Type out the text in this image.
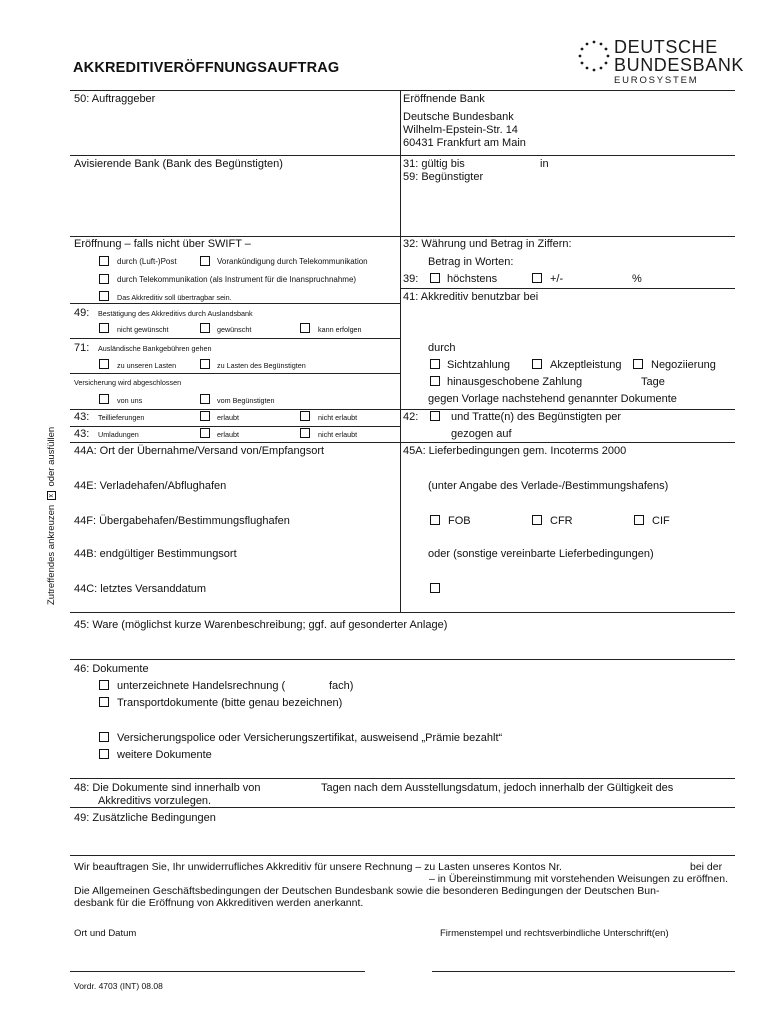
AKKREDITIVERÖFFNUNGSAUFTRAG
DEUTSCHE
BUNDESBANK
EUROSYSTEM
Zutreffendes ankreuzen x oder ausfüllen
50: Auftraggeber	Eröffnende Bank
Deutsche Bundesbank
Wilhelm-Epstein-Str. 14
60431 Frankfurt am Main
Avisierende Bank (Bank des Begünstigten)	31: gültig bis	in
59: Begünstigter
Eröffnung – falls nicht über SWIFT –
durch (Luft-)Post	Vorankündigung durch Telekommunikation
durch Telekommunikation (als Instrument für die Inanspruchnahme)
Das Akkreditiv soll übertragbar sein.
49: Bestätigung des Akkreditivs durch Auslandsbank
nicht gewünscht	gewünscht	kann erfolgen
71: Ausländische Bankgebühren gehen
zu unseren Lasten	zu Lasten des Begünstigten
Versicherung wird abgeschlossen
von uns	vom Begünstigten
43: Teillieferungen	erlaubt	nicht erlaubt
43: Umladungen	erlaubt	nicht erlaubt
32: Währung und Betrag in Ziffern:
Betrag in Worten:
39:	höchstens	+/-	%
41: Akkreditiv benutzbar bei
durch
Sichtzahlung	Akzeptleistung	Negoziierung
hinausgeschobene Zahlung	Tage
gegen Vorlage nachstehend genannter Dokumente
42:	und Tratte(n) des Begünstigten per
gezogen auf
44A: Ort der Übernahme/Versand von/Empfangsort	45A: Lieferbedingungen gem. Incoterms 2000
44E: Verladehafen/Abflughafen	(unter Angabe des Verlade-/Bestimmungshafens)
44F: Übergabehafen/Bestimmungsflughafen	FOB	CFR	CIF
44B: endgültiger Bestimmungsort	oder (sonstige vereinbarte Lieferbedingungen)
44C: letztes Versanddatum
45: Ware (möglichst kurze Warenbeschreibung; ggf. auf gesonderter Anlage)
46: Dokumente
unterzeichnete Handelsrechnung (	fach)
Transportdokumente (bitte genau bezeichnen)
Versicherungspolice oder Versicherungszertifikat, ausweisend „Prämie bezahlt“
weitere Dokumente
48: Die Dokumente sind innerhalb von	Tagen nach dem Ausstellungsdatum, jedoch innerhalb der Gültigkeit des
Akkreditivs vorzulegen.
49: Zusätzliche Bedingungen
Wir beauftragen Sie, Ihr unwiderrufliches Akkreditiv für unsere Rechnung – zu Lasten unseres Kontos Nr.	bei der
– in Übereinstimmung mit vorstehenden Weisungen zu eröffnen.
Die Allgemeinen Geschäftsbedingungen der Deutschen Bundesbank sowie die besonderen Bedingungen der Deutschen Bun-
desbank für die Eröffnung von Akkreditiven werden anerkannt.
Ort und Datum	Firmenstempel und rechtsverbindliche Unterschrift(en)
Vordr. 4703 (INT) 08.08
